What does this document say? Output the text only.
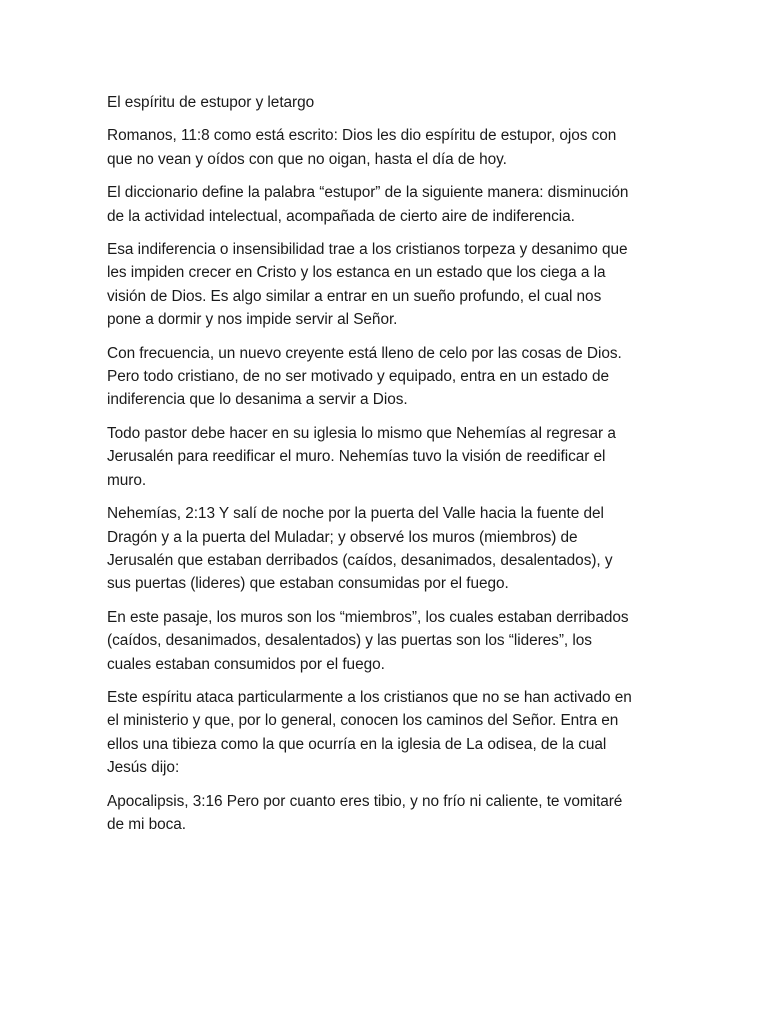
El espíritu de estupor y letargo

Romanos, 11:8 como está escrito: Dios les dio espíritu de estupor, ojos con que no vean y oídos con que no oigan, hasta el día de hoy.

El diccionario define la palabra “estupor” de la siguiente manera: disminución de la actividad intelectual, acompañada de cierto aire de indiferencia.

Esa indiferencia o insensibilidad trae a los cristianos torpeza y desanimo que les impiden crecer en Cristo y los estanca en un estado que los ciega a la visión de Dios. Es algo similar a entrar en un sueño profundo, el cual nos pone a dormir y nos impide servir al Señor.

Con frecuencia, un nuevo creyente está lleno de celo por las cosas de Dios. Pero todo cristiano, de no ser motivado y equipado, entra en un estado de indiferencia que lo desanima a servir a Dios.

Todo pastor debe hacer en su iglesia lo mismo que Nehemías al regresar a Jerusalén para reedificar el muro. Nehemías tuvo la visión de reedificar el muro.

Nehemías, 2:13 Y salí de noche por la puerta del Valle hacia la fuente del Dragón y a la puerta del Muladar; y observé los muros (miembros) de Jerusalén que estaban derribados (caídos, desanimados, desalentados), y sus puertas (lideres) que estaban consumidas por el fuego.

En este pasaje, los muros son los “miembros”, los cuales estaban derribados (caídos, desanimados, desalentados) y las puertas son los “lideres”, los cuales estaban consumidos por el fuego.

Este espíritu ataca particularmente a los cristianos que no se han activado en el ministerio y que, por lo general, conocen los caminos del Señor. Entra en ellos una tibieza como la que ocurría en la iglesia de La odisea, de la cual Jesús dijo:

Apocalipsis, 3:16 Pero por cuanto eres tibio, y no frío ni caliente, te vomitaré de mi boca.
